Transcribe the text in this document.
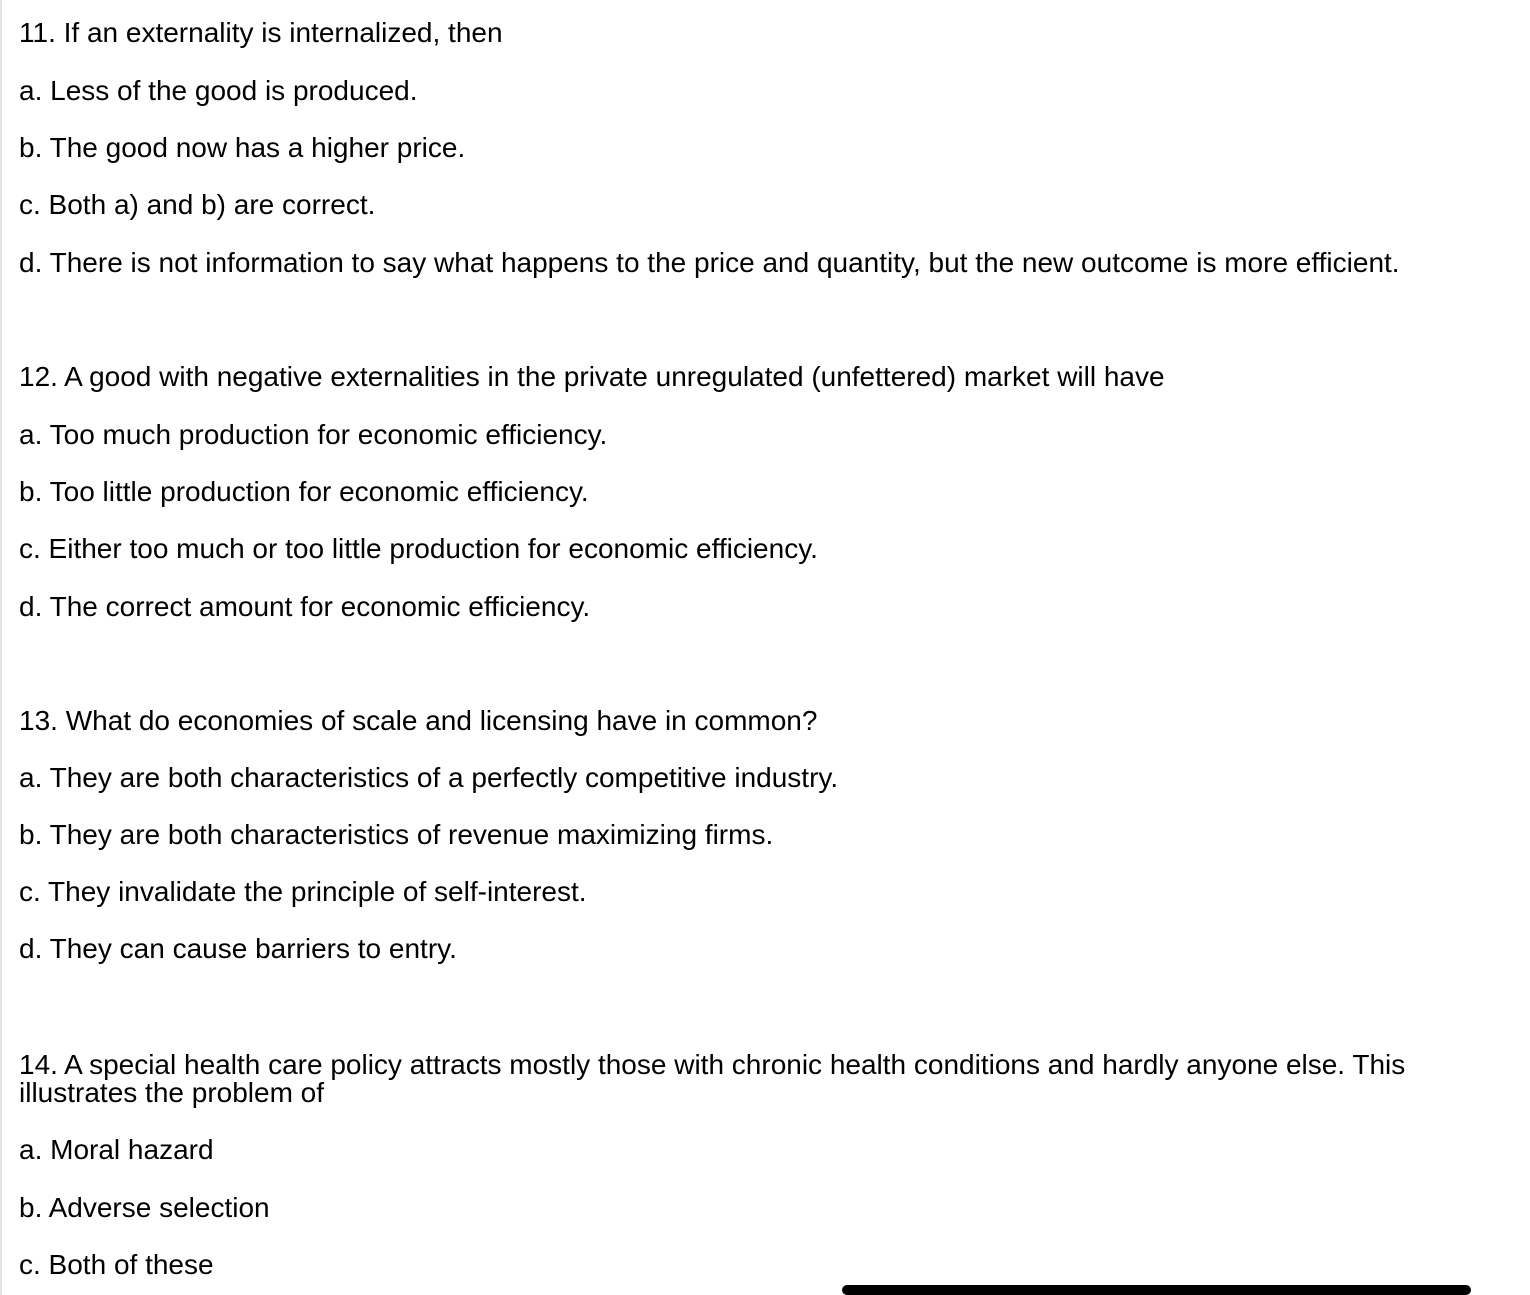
11. If an externality is internalized, then
a. Less of the good is produced.
b. The good now has a higher price.
c. Both a) and b) are correct.
d. There is not information to say what happens to the price and quantity, but the new outcome is more efficient.
12. A good with negative externalities in the private unregulated (unfettered) market will have
a. Too much production for economic efficiency.
b. Too little production for economic efficiency.
c. Either too much or too little production for economic efficiency.
d. The correct amount for economic efficiency.
13. What do economies of scale and licensing have in common?
a. They are both characteristics of a perfectly competitive industry.
b. They are both characteristics of revenue maximizing firms.
c. They invalidate the principle of self-interest.
d. They can cause barriers to entry.
14. A special health care policy attracts mostly those with chronic health conditions and hardly anyone else. This illustrates the problem of
a. Moral hazard
b. Adverse selection
c. Both of these
